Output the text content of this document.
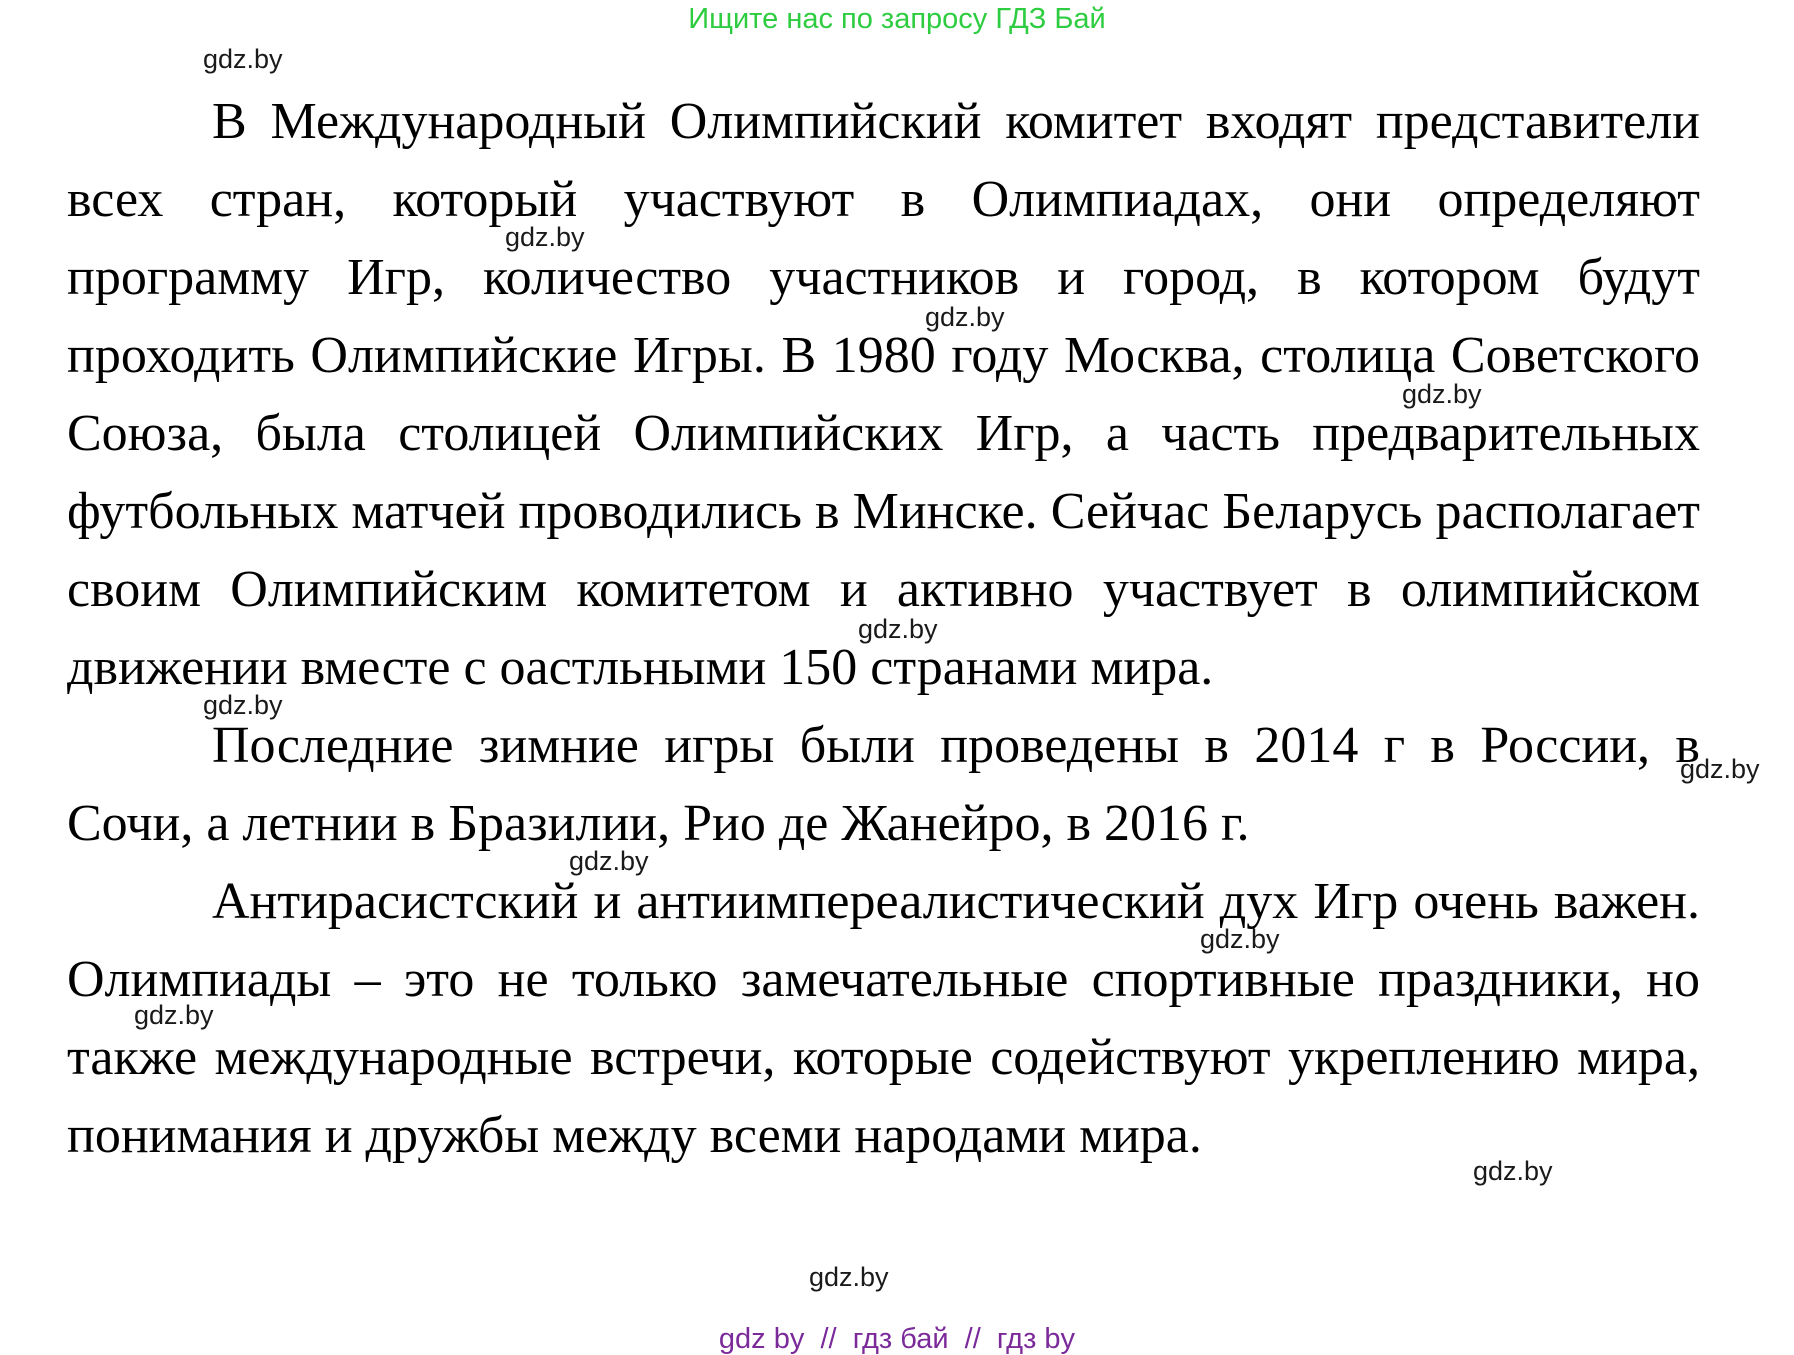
Ищите нас по запросу ГДЗ Бай

В Международный Олимпийский комитет входят представители всех стран, который участвуют в Олимпиадах, они определяют программу Игр, количество участников и город, в котором будут проходить Олимпийские Игры. В 1980 году Москва, столица Советского Союза, была столицей Олимпийских Игр, а часть предварительных футбольных матчей проводились в Минске. Сейчас Беларусь располагает своим Олимпийским комитетом и активно участвует в олимпийском движении вместе с оастльными 150 странами мира.

Последние зимние игры были проведены в 2014 г в России, в Сочи, а летнии в Бразилии, Рио де Жанейро, в 2016 г.

Антирасистский и антиимпереалистический дух Игр очень важен. Олимпиады – это не только замечательные спортивные праздники, но также международные встречи, которые содействуют укреплению мира, понимания и дружбы между всеми народами мира.

gdz.by
gdz.by
gdz.by
gdz.by
gdz.by
gdz.by
gdz.by
gdz.by
gdz.by
gdz.by
gdz.by
gdz.by
gdz by  //  гдз бай  //  гдз by
